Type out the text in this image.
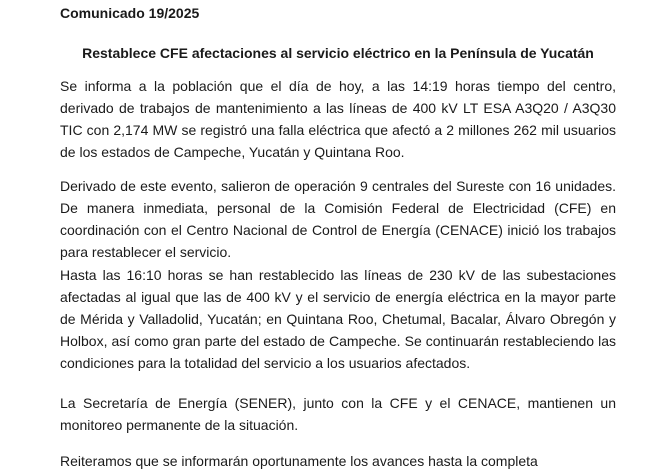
Comunicado 19/2025

Restablece CFE afectaciones al servicio eléctrico en la Península de Yucatán

Se informa a la población que el día de hoy, a las 14:19 horas tiempo del centro, derivado de trabajos de mantenimiento a las líneas de 400 kV LT ESA A3Q20 / A3Q30 TIC con 2,174 MW se registró una falla eléctrica que afectó a 2 millones 262 mil usuarios de los estados de Campeche, Yucatán y Quintana Roo.

Derivado de este evento, salieron de operación 9 centrales del Sureste con 16 unidades. De manera inmediata, personal de la Comisión Federal de Electricidad (CFE) en coordinación con el Centro Nacional de Control de Energía (CENACE) inició los trabajos para restablecer el servicio.

Hasta las 16:10 horas se han restablecido las líneas de 230 kV de las subestaciones afectadas al igual que las de 400 kV y el servicio de energía eléctrica en la mayor parte de Mérida y Valladolid, Yucatán; en Quintana Roo, Chetumal, Bacalar, Álvaro Obregón y Holbox, así como gran parte del estado de Campeche. Se continuarán restableciendo las condiciones para la totalidad del servicio a los usuarios afectados.

La Secretaría de Energía (SENER), junto con la CFE y el CENACE, mantienen un monitoreo permanente de la situación.

Reiteramos que se informarán oportunamente los avances hasta la completa
